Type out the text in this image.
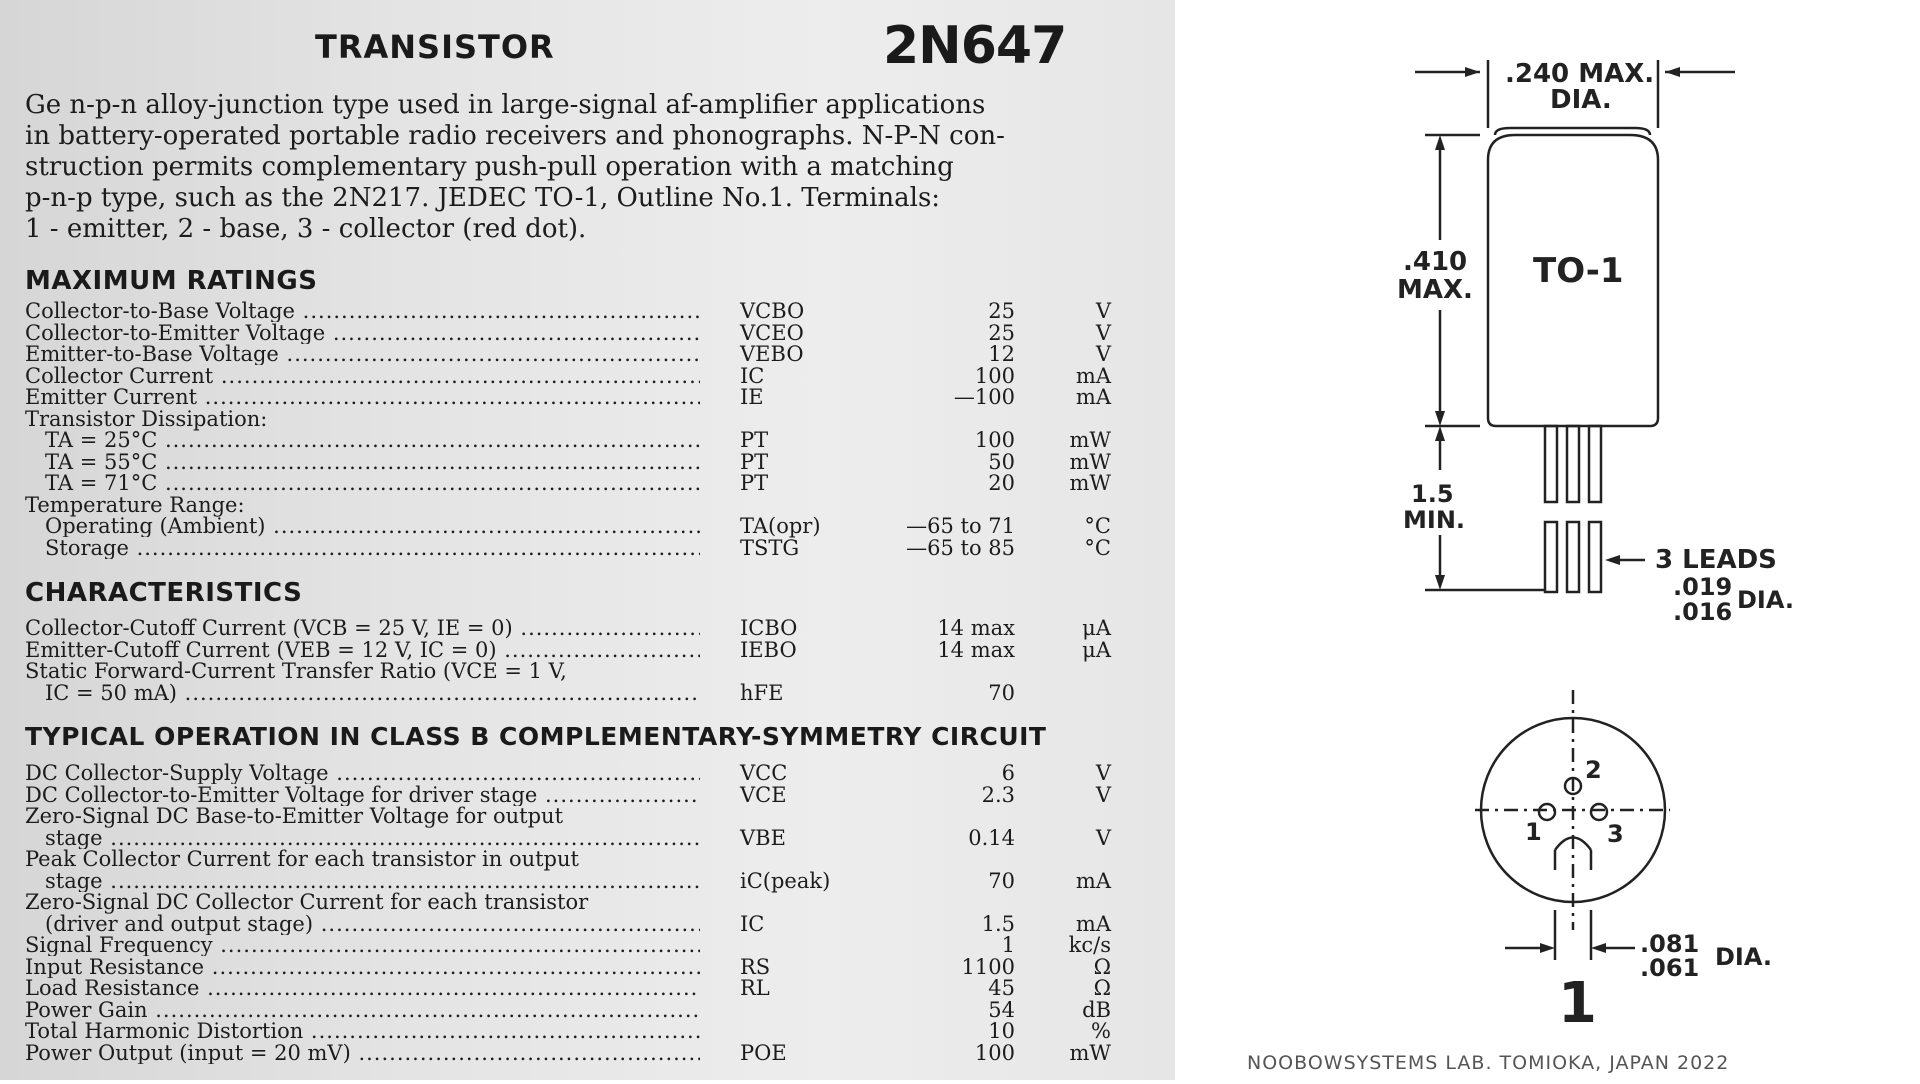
TRANSISTOR	2N647
Ge n-p-n alloy-junction type used in large-signal af-amplifier applications
in battery-operated portable radio receivers and phonographs. N-P-N con-
struction permits complementary push-pull operation with a matching
p-n-p type, such as the 2N217. JEDEC TO-1, Outline No.1. Terminals:
1 - emitter, 2 - base, 3 - collector (red dot).
MAXIMUM RATINGS
Collector-to-Base Voltage .....	VCBO	25	V
Collector-to-Emitter Voltage .....	VCEO	25	V
Emitter-to-Base Voltage .....	VEBO	12	V
Collector Current .....	IC	100	mA
Emitter Current .....	IE	—100	mA
Transistor Dissipation:
TA = 25°C .....	PT	100	mW
TA = 55°C .....	PT	50	mW
TA = 71°C .....	PT	20	mW
Temperature Range:
Operating (Ambient) .....	TA(opr)	—65 to 71	°C
Storage .....	TSTG	—65 to 85	°C
CHARACTERISTICS
Collector-Cutoff Current (VCB = 25 V, IE = 0) .....	ICBO	14 max	μA
Emitter-Cutoff Current (VEB = 12 V, IC = 0) .....	IEBO	14 max	μA
Static Forward-Current Transfer Ratio (VCE = 1 V,
IC = 50 mA) .....	hFE	70
TYPICAL OPERATION IN CLASS B COMPLEMENTARY-SYMMETRY CIRCUIT
DC Collector-Supply Voltage .....	VCC	6	V
DC Collector-to-Emitter Voltage for driver stage .....	VCE	2.3	V
Zero-Signal DC Base-to-Emitter Voltage for output
stage .....	VBE	0.14	V
Peak Collector Current for each transistor in output
stage .....	iC(peak)	70	mA
Zero-Signal DC Collector Current for each transistor
(driver and output stage) .....	IC	1.5	mA
Signal Frequency .....	1	kc/s
Input Resistance .....	RS	1100	Ω
Load Resistance .....	RL	45	Ω
Power Gain .....	54	dB
Total Harmonic Distortion .....	10	%
Power Output (input = 20 mV) .....	POE	100	mW
.240 MAX.
DIA.
.410
MAX. TO-1
1.5
MIN.
3 LEADS
.019
.016 DIA.
2
1	3
.081
.061 DIA.
1
NOOBOWSYSTEMS LAB. TOMIOKA, JAPAN 2022
